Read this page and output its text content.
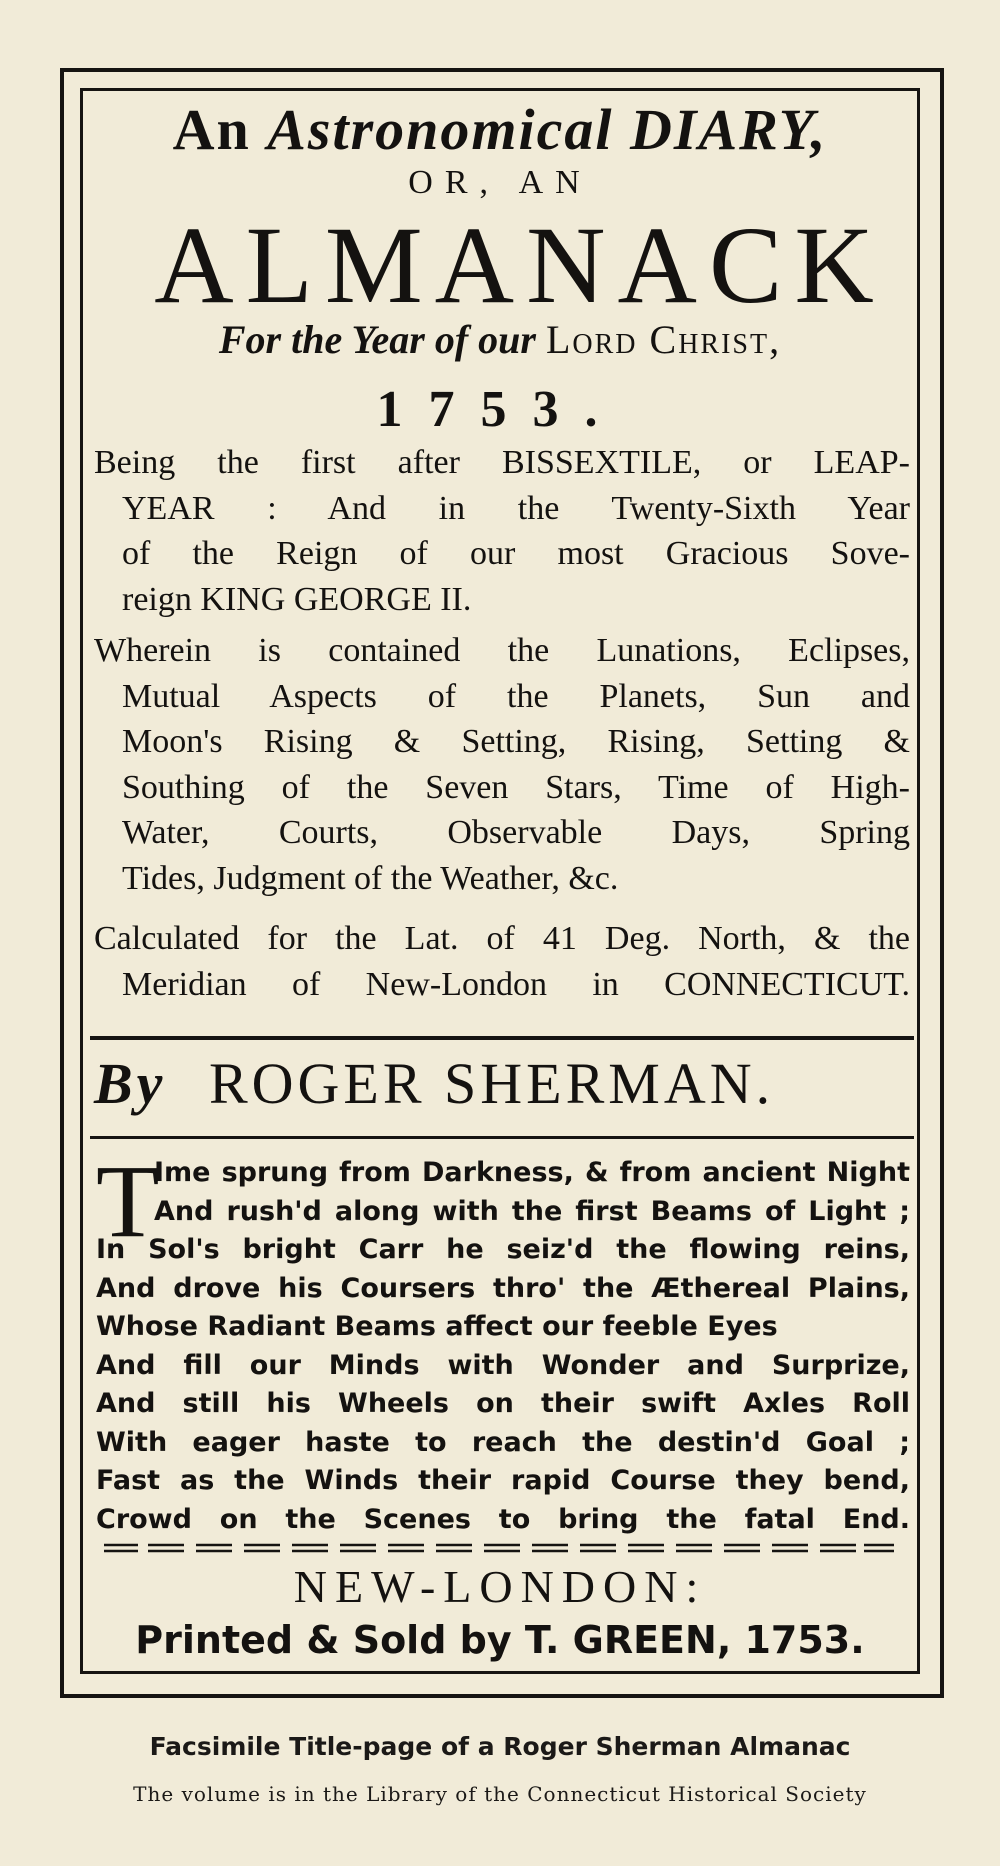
An Astronomical DIARY,
OR, AN
ALMANACK
For the Year of our Lord Christ,
1753.
Being the first after BISSEXTILE, or LEAP-
YEAR : And in the Twenty-Sixth Year
of the Reign of our most Gracious Sove-
reign KING GEORGE II.
Wherein is contained the Lunations, Eclipses,
Mutual Aspects of the Planets, Sun and
Moon's Rising & Setting, Rising, Setting &
Southing of the Seven Stars, Time of High-
Water, Courts, Observable Days, Spring
Tides, Judgment of the Weather, &c.
Calculated for the Lat. of 41 Deg. North, & the
Meridian of New-London in CONNECTICUT.
By ROGER SHERMAN.
T
Ime sprung from Darkness, & from ancient Night
And rush'd along with the first Beams of Light ;
In Sol's bright Carr he seiz'd the flowing reins,
And drove his Coursers thro' the Æthereal Plains,
Whose Radiant Beams affect our feeble Eyes
And fill our Minds with Wonder and Surprize,
And still his Wheels on their swift Axles Roll
With eager haste to reach the destin'd Goal ;
Fast as the Winds their rapid Course they bend,
Crowd on the Scenes to bring the fatal End.
NEW-LONDON:
Printed & Sold by T. GREEN, 1753.
Facsimile Title-page of a Roger Sherman Almanac
The volume is in the Library of the Connecticut Historical Society
